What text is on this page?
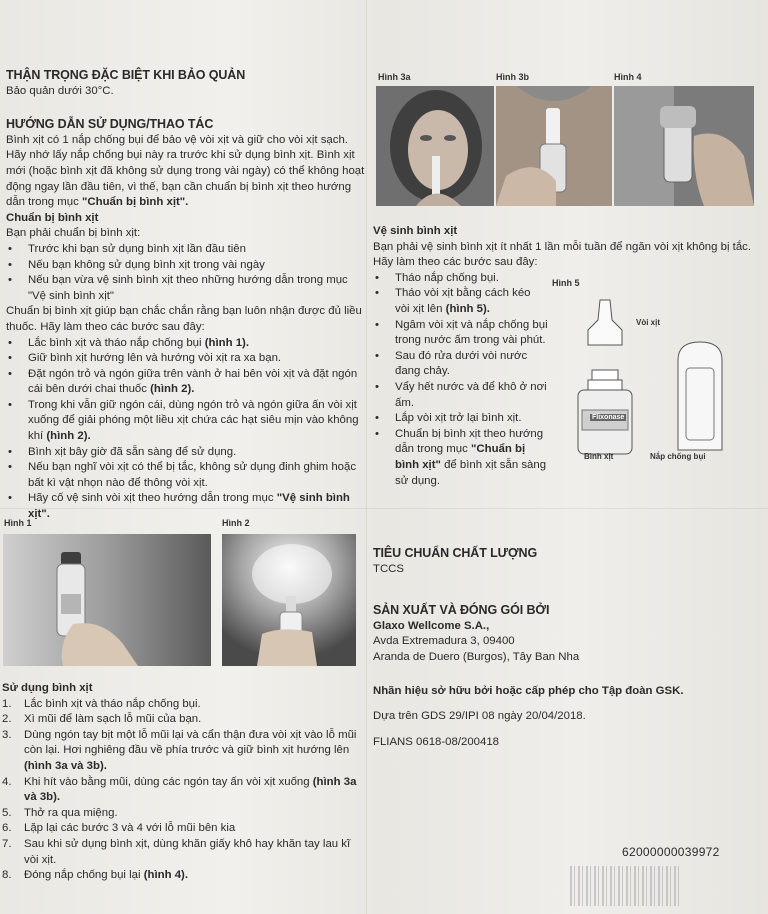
THẬN TRỌNG ĐẶC BIỆT KHI BẢO QUẢN

Bảo quản dưới 30°C.

HƯỚNG DẪN SỬ DỤNG/THAO TÁC

Bình xịt có 1 nắp chống bụi để bảo vệ vòi xịt và giữ cho vòi xịt sạch. Hãy nhớ lấy nắp chống bụi này ra trước khi sử dụng bình xịt. Bình xịt mới (hoặc bình xịt đã không sử dụng trong vài ngày) có thể không hoạt động ngay lần đầu tiên, vì thế, bạn cần chuẩn bị bình xịt theo hướng dẫn trong mục "Chuẩn bị bình xịt".

Chuẩn bị bình xịt

Bạn phải chuẩn bị bình xịt:

• Trước khi bạn sử dụng bình xịt lần đầu tiên
• Nếu bạn không sử dụng bình xịt trong vài ngày
• Nếu bạn vừa vệ sinh bình xịt theo những hướng dẫn trong mục "Vệ sinh bình xịt"

Chuẩn bị bình xịt giúp bạn chắc chắn rằng bạn luôn nhận được đủ liều thuốc. Hãy làm theo các bước sau đây:

• Lắc bình xịt và tháo nắp chống bụi (hình 1).
• Giữ bình xịt hướng lên và hướng vòi xịt ra xa bạn.
• Đặt ngón trỏ và ngón giữa trên vành ở hai bên vòi xịt và đặt ngón cái bên dưới chai thuốc (hình 2).
• Trong khi vẫn giữ ngón cái, dùng ngón trỏ và ngón giữa ấn vòi xịt xuống để giải phóng một liều xịt chứa các hạt siêu mịn vào không khí (hình 2).
• Bình xịt bây giờ đã sẵn sàng để sử dụng.
• Nếu bạn nghĩ vòi xịt có thể bị tắc, không sử dụng đinh ghim hoặc bất kì vật nhọn nào để thông vòi xịt.
• Hãy cố vệ sinh vòi xịt theo hướng dẫn trong mục "Vệ sinh bình xịt".
Hình 1	Hình 2

Sử dụng bình xịt

1. Lắc bình xịt và tháo nắp chống bụi.
2. Xì mũi để làm sạch lỗ mũi của bạn.
3. Dùng ngón tay bịt một lỗ mũi lại và cẩn thận đưa vòi xịt vào lỗ mũi còn lại. Hơi nghiêng đầu về phía trước và giữ bình xịt hướng lên (hình 3a và 3b).
4. Khi hít vào bằng mũi, dùng các ngón tay ấn vòi xịt xuống (hình 3a và 3b).
5. Thở ra qua miệng.
6. Lặp lại các bước 3 và 4 với lỗ mũi bên kia
7. Sau khi sử dụng bình xịt, dùng khăn giấy khô hay khăn tay lau kĩ vòi xịt.
8. Đóng nắp chống bụi lại (hình 4).
Hình 3a	Hình 3b	Hình 4

Vệ sinh bình xịt

Bạn phải vệ sinh bình xịt ít nhất 1 lần mỗi tuần để ngăn vòi xịt không bị tắc. Hãy làm theo các bước sau đây:

• Tháo nắp chống bụi.
• Tháo vòi xịt bằng cách kéo vòi xịt lên (hình 5).
• Ngâm vòi xịt và nắp chống bụi trong nước ấm trong vài phút.
• Sau đó rửa dưới vòi nước đang chảy.
• Vẩy hết nước và để khô ở nơi ấm.
• Lắp vòi xịt trở lại bình xịt.
• Chuẩn bị bình xịt theo hướng dẫn trong mục "Chuẩn bị bình xịt" để bình xịt sẵn sàng sử dụng.
Hình 5
Vòi xịt
Flixonase
Bình xịt	Nắp chống bụi
TIÊU CHUẨN CHẤT LƯỢNG

TCCS

SẢN XUẤT VÀ ĐÓNG GÓI BỞI

Glaxo Wellcome S.A.,

Avda Extremadura 3, 09400

Aranda de Duero (Burgos), Tây Ban Nha

Nhãn hiệu sở hữu bởi hoặc cấp phép cho Tập đoàn GSK.

Dựa trên GDS 29/IPI 08 ngày 20/04/2018.

FLIANS 0618-08/200418

62000000039972
